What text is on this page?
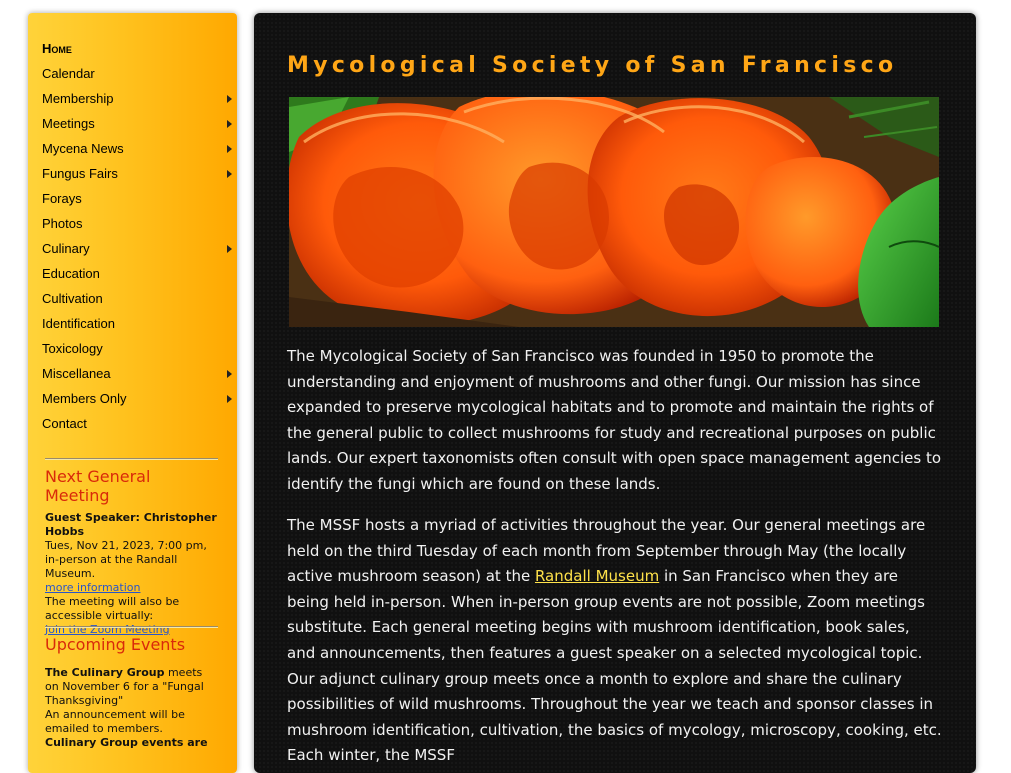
Home
Calendar
Membership
Meetings
Mycena News
Fungus Fairs
Forays
Photos
Culinary
Education
Cultivation
Identification
Toxicology
Miscellanea
Members Only
Contact
Next General Meeting
Guest Speaker: Christopher Hobbs
Tues, Nov 21, 2023, 7:00 pm, in-person at the Randall Museum.
more information
The meeting will also be accessible virtually:
Join the Zoom Meeting
Upcoming Events
The Culinary Group meets on November 6 for a "Fungal Thanksgiving"
An announcement will be emailed to members.
Culinary Group events are
Mycological Society of San Francisco

The Mycological Society of San Francisco was founded in 1950 to promote the understanding and enjoyment of mushrooms and other fungi. Our mission has since expanded to preserve mycological habitats and to promote and maintain the rights of the general public to collect mushrooms for study and recreational purposes on public lands. Our expert taxonomists often consult with open space management agencies to identify the fungi which are found on these lands.

The MSSF hosts a myriad of activities throughout the year. Our general meetings are held on the third Tuesday of each month from September through May (the locally active mushroom season) at the Randall Museum in San Francisco when they are being held in-person. When in-person group events are not possible, Zoom meetings substitute. Each general meeting begins with mushroom identification, book sales, and announcements, then features a guest speaker on a selected mycological topic. Our adjunct culinary group meets once a month to explore and share the culinary possibilities of wild mushrooms. Throughout the year we teach and sponsor classes in mushroom identification, cultivation, the basics of mycology, microscopy, cooking, etc. Each winter, the MSSF
